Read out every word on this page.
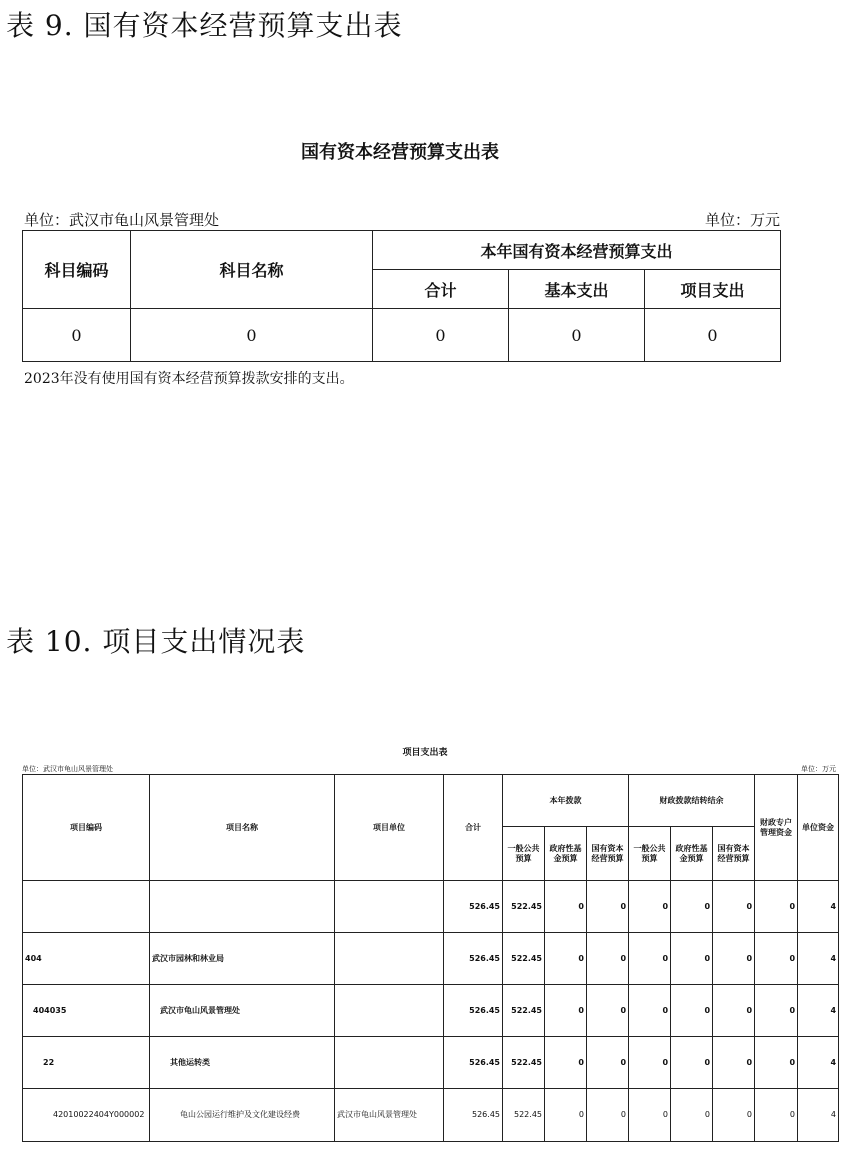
表 9. 国有资本经营预算支出表
国有资本经营预算支出表
单位：武汉市龟山风景管理处	单位：万元
科目编码	科目名称	本年国有资本经营预算支出		
		合计	基本支出	项目支出
0	0	0	0	0
2023年没有使用国有资本经营预算拨款安排的支出。
表 10. 项目支出情况表
项目支出表
单位：武汉市龟山风景管理处	单位：万元
项目编码	项目名称	项目单位	合计	本年拨款			财政拨款结转结余			财政专户管理资金	单位资金
				一般公共预算	政府性基金预算	国有资本经营预算	一般公共预算	政府性基金预算	国有资本经营预算		
			526.45	522.45	0	0	0	0	0	0	4
404	武汉市园林和林业局		526.45	522.45	0	0	0	0	0	0	4
404035	武汉市龟山风景管理处		526.45	522.45	0	0	0	0	0	0	4
22	其他运转类		526.45	522.45	0	0	0	0	0	0	4
42010022404Y000002	龟山公园运行维护及文化建设经费	武汉市龟山风景管理处	526.45	522.45	0	0	0	0	0	0	4
